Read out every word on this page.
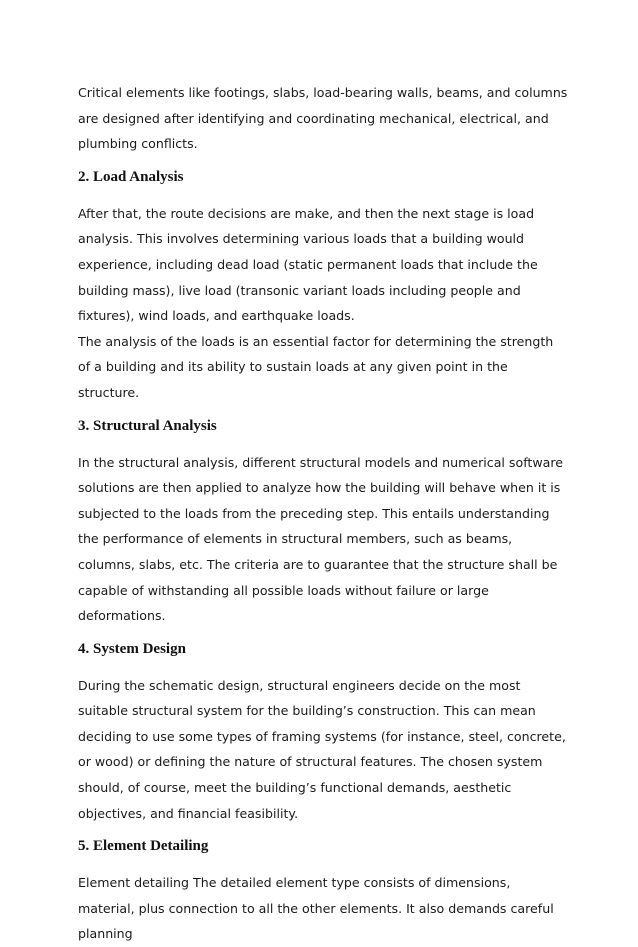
Critical elements like footings, slabs, load-bearing walls, beams, and columns are designed after identifying and coordinating mechanical, electrical, and plumbing conflicts.

2. Load Analysis

After that, the route decisions are make, and then the next stage is load analysis. This involves determining various loads that a building would experience, including dead load (static permanent loads that include the building mass), live load (transonic variant loads including people and fixtures), wind loads, and earthquake loads.

The analysis of the loads is an essential factor for determining the strength of a building and its ability to sustain loads at any given point in the structure.

3. Structural Analysis

In the structural analysis, different structural models and numerical software solutions are then applied to analyze how the building will behave when it is subjected to the loads from the preceding step. This entails understanding the performance of elements in structural members, such as beams, columns, slabs, etc. The criteria are to guarantee that the structure shall be capable of withstanding all possible loads without failure or large deformations.

4. System Design

During the schematic design, structural engineers decide on the most suitable structural system for the building’s construction. This can mean deciding to use some types of framing systems (for instance, steel, concrete, or wood) or defining the nature of structural features. The chosen system should, of course, meet the building’s functional demands, aesthetic objectives, and financial feasibility.

5. Element Detailing

Element detailing The detailed element type consists of dimensions, material, plus connection to all the other elements. It also demands careful planning
